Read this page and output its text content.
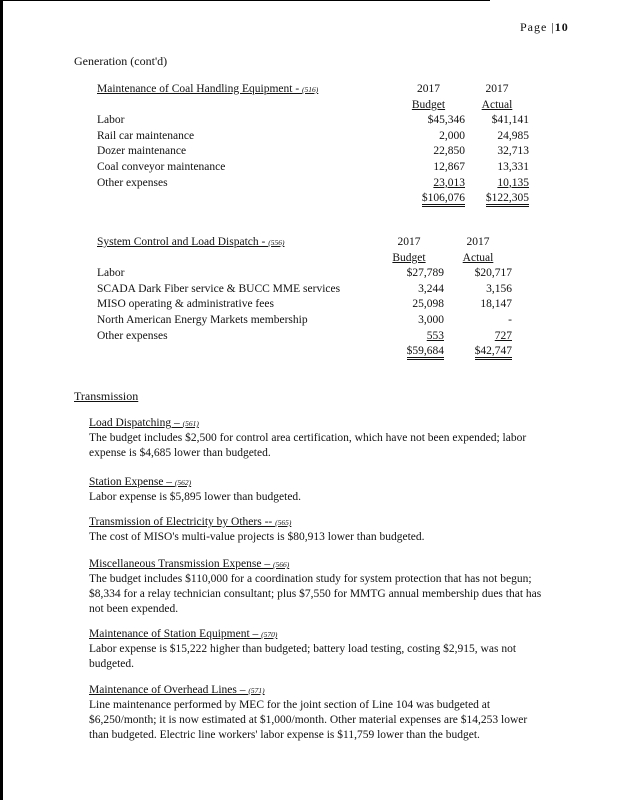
Page |10
Generation (cont'd)
Maintenance of Coal Handling Equipment - (516)	2017	2017
	Budget	Actual
Labor	$45,346	$41,141
Rail car maintenance	2,000	24,985
Dozer maintenance	22,850	32,713
Coal conveyor maintenance	12,867	13,331
Other expenses	23,013	10,135
	$106,076	$122,305
System Control and Load Dispatch - (556)	2017	2017
	Budget	Actual
Labor	$27,789	$20,717
SCADA Dark Fiber service & BUCC MME services	3,244	3,156
MISO operating & administrative fees	25,098	18,147
North American Energy Markets membership	3,000	-
Other expenses	553	727
	$59,684	$42,747
Transmission
Load Dispatching – (561)
The budget includes $2,500 for control area certification, which have not been expended; labor expense is $4,685 lower than budgeted.
Station Expense – (562)
Labor expense is $5,895 lower than budgeted.
Transmission of Electricity by Others -- (565)
The cost of MISO's multi-value projects is $80,913 lower than budgeted.
Miscellaneous Transmission Expense – (566)
The budget includes $110,000 for a coordination study for system protection that has not begun; $8,334 for a relay technician consultant; plus $7,550 for MMTG annual membership dues that has not been expended.
Maintenance of Station Equipment – (570)
Labor expense is $15,222 higher than budgeted; battery load testing, costing $2,915, was not budgeted.
Maintenance of Overhead Lines – (571)
Line maintenance performed by MEC for the joint section of Line 104 was budgeted at $6,250/month; it is now estimated at $1,000/month. Other material expenses are $14,253 lower than budgeted. Electric line workers' labor expense is $11,759 lower than the budget.
